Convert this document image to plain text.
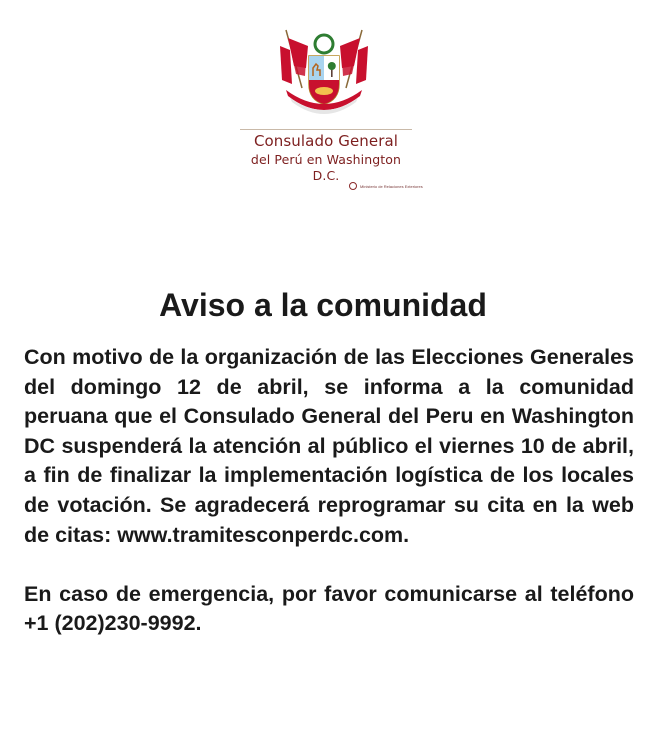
Consulado General
del Perú en Washington D.C.
Ministerio de Relaciones Exteriores
Aviso a la comunidad

Con motivo de la organización de las Elecciones Generales del domingo 12 de abril, se informa a la comunidad peruana que el Consulado General del Peru en Washington DC suspenderá la atención al público el viernes 10 de abril, a fin de finalizar la implementación logística de los locales de votación. Se agradecerá reprogramar su cita en la web de citas: www.tramitesconperdc.com.

En caso de emergencia, por favor comunicarse al teléfono +1 (202)230-9992.
